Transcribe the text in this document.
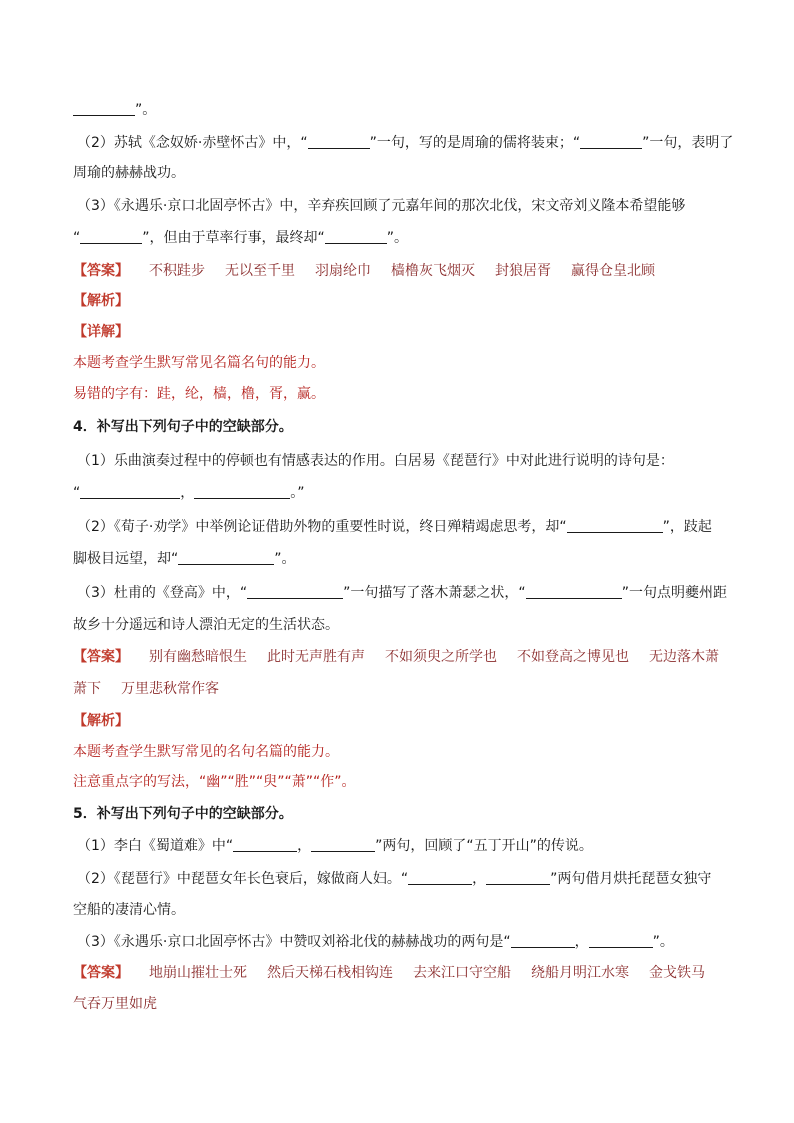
”。
（2）苏轼《念奴娇·赤壁怀古》中，“	”一句，写的是周瑜的儒将装束；“	”一句，表明了
周瑜的赫赫战功。
（3）《永遇乐·京口北固亭怀古》中，辛弃疾回顾了元嘉年间的那次北伐，宋文帝刘义隆本希望能够
“	”，但由于草率行事，最终却“	”。
【答案】 不积跬步 无以至千里 羽扇纶巾 樯橹灰飞烟灭 封狼居胥 赢得仓皇北顾
【解析】
【详解】
本题考查学生默写常见名篇名句的能力。
易错的字有：跬，纶，樯，橹，胥，赢。
4．补写出下列句子中的空缺部分。
（1）乐曲演奏过程中的停顿也有情感表达的作用。白居易《琵琶行》中对此进行说明的诗句是：
“	，	。”
（2）《荀子·劝学》中举例论证借助外物的重要性时说，终日殚精竭虑思考，却“	”，跂起
脚极目远望，却“	”。
（3）杜甫的《登高》中，“	”一句描写了落木萧瑟之状，“	”一句点明夔州距
故乡十分遥远和诗人漂泊无定的生活状态。
【答案】 别有幽愁暗恨生 此时无声胜有声 不如须臾之所学也 不如登高之博见也 无边落木萧
萧下 万里悲秋常作客
【解析】
本题考查学生默写常见的名句名篇的能力。
注意重点字的写法，“幽”“胜”“臾”“萧”“作”。
5．补写出下列句子中的空缺部分。
（1）李白《蜀道难》中“	，	”两句，回顾了“五丁开山”的传说。
（2）《琵琶行》中琵琶女年长色衰后，嫁做商人妇。“	，	”两句借月烘托琵琶女独守
空船的凄清心情。
（3）《永遇乐·京口北固亭怀古》中赞叹刘裕北伐的赫赫战功的两句是“	，	”。
【答案】 地崩山摧壮士死 然后天梯石栈相钩连 去来江口守空船 绕船月明江水寒 金戈铁马
气吞万里如虎
